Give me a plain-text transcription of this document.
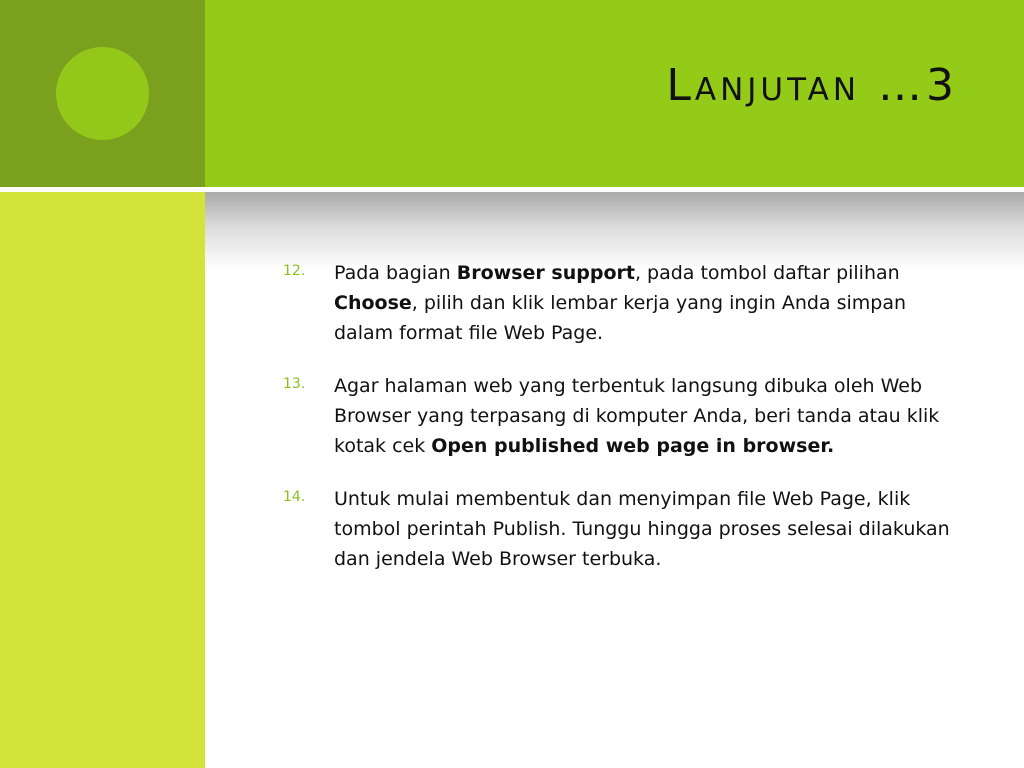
Lanjutan …3
12. Pada bagian Browser support, pada tombol daftar pilihan Choose, pilih dan klik lembar kerja yang ingin Anda simpan dalam format file Web Page.
13. Agar halaman web yang terbentuk langsung dibuka oleh Web Browser yang terpasang di komputer Anda, beri tanda atau klik kotak cek Open published web page in browser.
14. Untuk mulai membentuk dan menyimpan file Web Page, klik tombol perintah Publish. Tunggu hingga proses selesai dilakukan dan jendela Web Browser terbuka.
